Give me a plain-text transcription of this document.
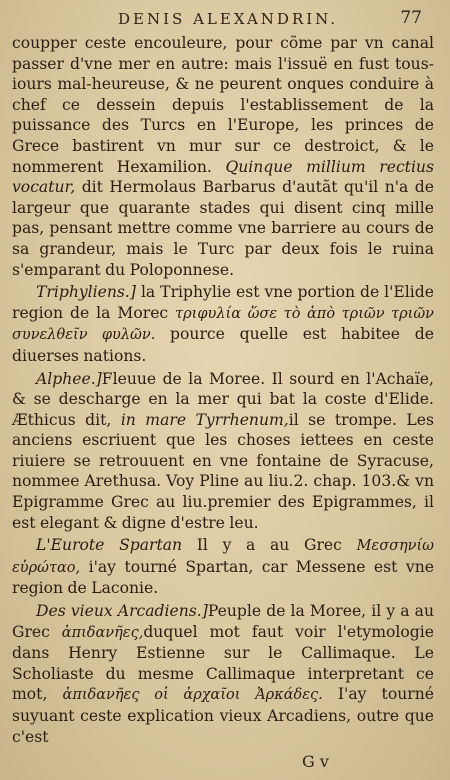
DENIS ALEXANDRIN.	77

coupper ceste encouleure, pour cõme par vn canal passer d'vne mer en autre: mais l'issuë en fust tous-iours mal-heureuse, & ne peurent onques conduire à chef ce dessein depuis l'establissement de la puissance des Turcs en l'Europe, les princes de Grece bastirent vn mur sur ce destroict, & le nommerent Hexamilion. Quinque millium rectius vocatur, dit Hermolaus Barbarus d'autãt qu'il n'a de largeur que quarante stades qui disent cinq mille pas, pensant mettre comme vne barriere au cours de sa grandeur, mais le Turc par deux fois le ruina s'emparant du Poloponnese.

Triphyliens.] la Triphylie est vne portion de l'Elide region de la Morec τριφυλία ὥσε τὸ ἀπὸ τριῶν τριῶν συνελθεῖν φυλῶν. pource quelle est habitee de diuerses nations.

Alphee.]Fleuue de la Moree. Il sourd en l'Achaïe, & se descharge en la mer qui bat la coste d'Elide. Æthicus dit, in mare Tyrrhenum,il se trompe. Les anciens escriuent que les choses iettees en ceste riuiere se retrouuent en vne fontaine de Syracuse, nommee Arethusa. Voy Pline au liu.2. chap. 103.& vn Epigramme Grec au liu.premier des Epigrammes, il est elegant & digne d'estre leu.

L'Eurote Spartan Il y a au Grec Μεσσηνίω εὐρώταο, i'ay tourné Spartan, car Messene est vne region de Laconie.

Des vieux Arcadiens.]Peuple de la Moree, il y a au Grec ἀπιδανῆες,duquel mot faut voir l'etymologie dans Henry Estienne sur le Callimaque. Le Scholiaste du mesme Callimaque interpretant ce mot, ἀπιδανῆες οἱ ἀρχαῖοι Ἀρκάδες. I'ay tourné suyuant ceste explication vieux Arcadiens, outre que c'est

G v
